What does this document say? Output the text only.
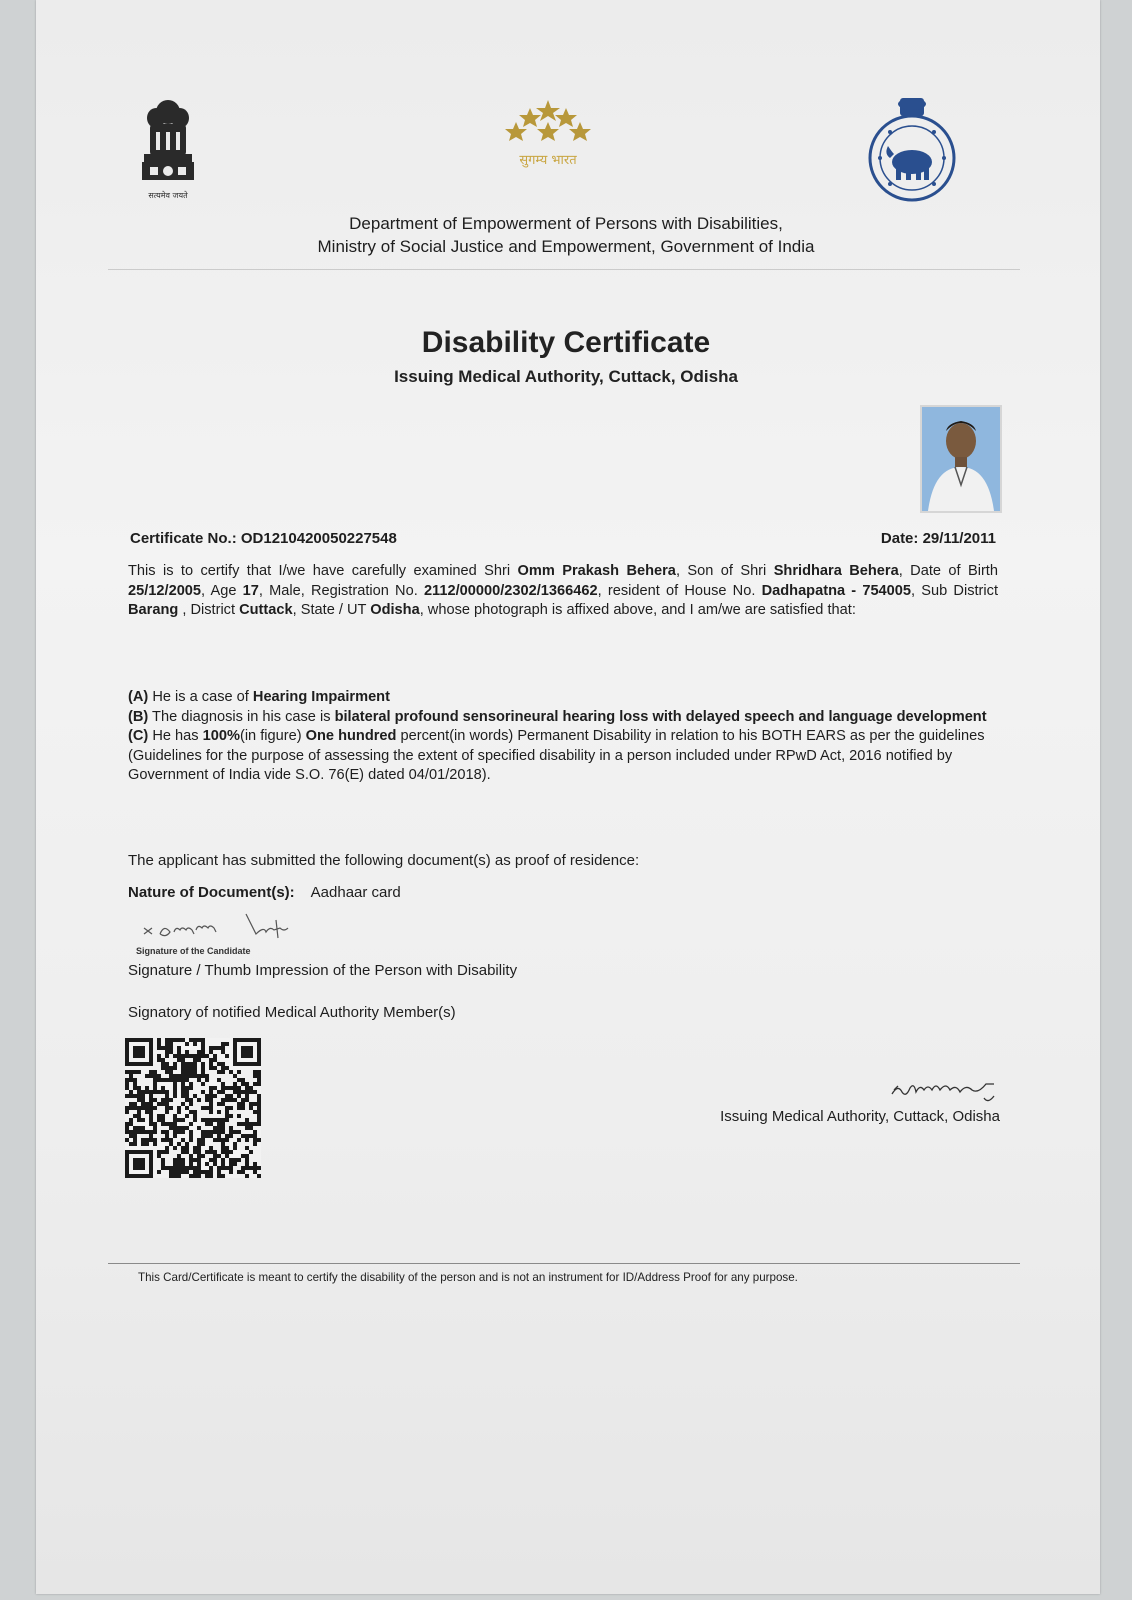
सत्यमेव जयते
सुगम्य भारत
Department of Empowerment of Persons with Disabilities,
Ministry of Social Justice and Empowerment, Government of India
Disability Certificate
Issuing Medical Authority, Cuttack, Odisha
Certificate No.: OD1210420050227548	Date: 29/11/2011
This is to certify that I/we have carefully examined Shri Omm Prakash Behera, Son of Shri Shridhara Behera, Date of Birth 25/12/2005, Age 17, Male, Registration No. 2112/00000/2302/1366462, resident of House No. Dadhapatna - 754005, Sub District Barang , District Cuttack, State / UT Odisha, whose photograph is affixed above, and I am/we are satisfied that:
(A) He is a case of Hearing Impairment
(B) The diagnosis in his case is bilateral profound sensorineural hearing loss with delayed speech and language development
(C) He has 100%(in figure) One hundred percent(in words) Permanent Disability in relation to his BOTH EARS as per the guidelines (Guidelines for the purpose of assessing the extent of specified disability in a person included under RPwD Act, 2016 notified by Government of India vide S.O. 76(E) dated 04/01/2018).
The applicant has submitted the following document(s) as proof of residence:
Nature of Document(s): Aadhaar card
Signature of the Candidate
Signature / Thumb Impression of the Person with Disability
Signatory of notified Medical Authority Member(s)
Issuing Medical Authority, Cuttack, Odisha
This Card/Certificate is meant to certify the disability of the person and is not an instrument for ID/Address Proof for any purpose.
